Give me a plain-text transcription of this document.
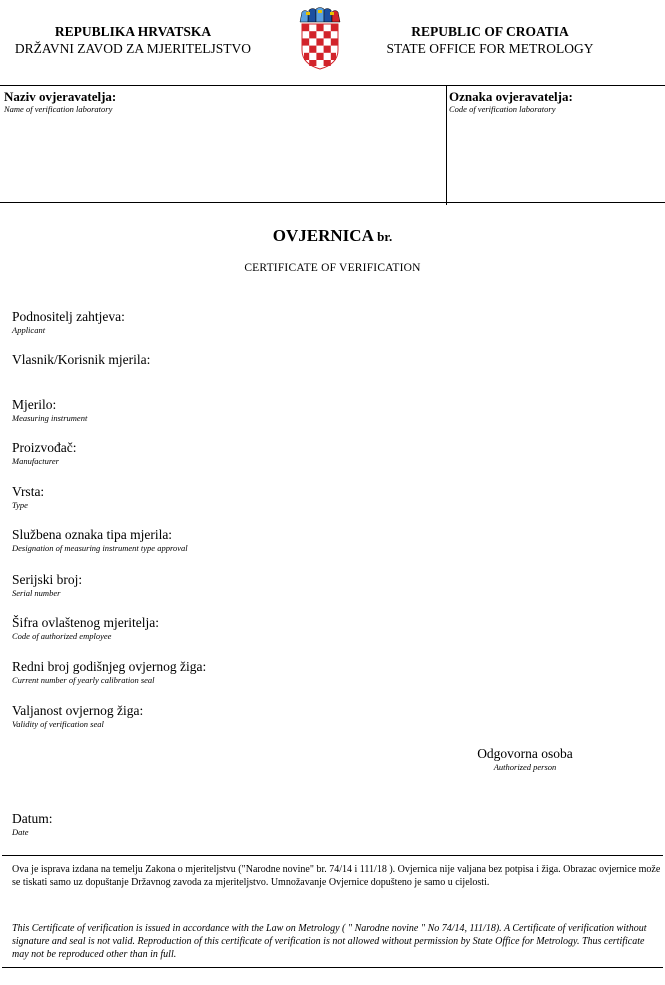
REPUBLIKA HRVATSKA
DRŽAVNI ZAVOD ZA MJERITELJSTVO
REPUBLIC OF CROATIA
STATE OFFICE FOR METROLOGY
Naziv ovjeravatelja:
Name of verification laboratory
Oznaka ovjeravatelja:
Code of verification laboratory
OVJERNICA br.
CERTIFICATE OF VERIFICATION
Podnositelj zahtjeva:
Applicant
Vlasnik/Korisnik mjerila:
Mjerilo:
Measuring instrument
Proizvođač:
Manufacturer
Vrsta:
Type
Službena oznaka tipa mjerila:
Designation of measuring instrument type approval
Serijski broj:
Serial number
Šifra ovlaštenog mjeritelja:
Code of authorized employee
Redni broj godišnjeg ovjernog žiga:
Current number of yearly calibration seal
Valjanost ovjernog žiga:
Validity of verification seal
Odgovorna osoba
Authorized person
Datum:
Date
Ova je isprava izdana na temelju Zakona o mjeriteljstvu ("Narodne novine" br. 74/14 i 111/18 ). Ovjernica nije valjana bez potpisa i žiga. Obrazac ovjernice može se tiskati samo uz dopuštanje Državnog zavoda za mjeriteljstvo. Umnožavanje Ovjernice dopušteno je samo u cijelosti.
This Certificate of verification is issued in accordance with the Law on Metrology ( " Narodne novine " No 74/14, 111/18). A Certificate of verification without signature and seal is not valid. Reproduction of this certificate of verification is not allowed without permission by State Office for Metrology. Thus certificate may not be reproduced other than in full.
